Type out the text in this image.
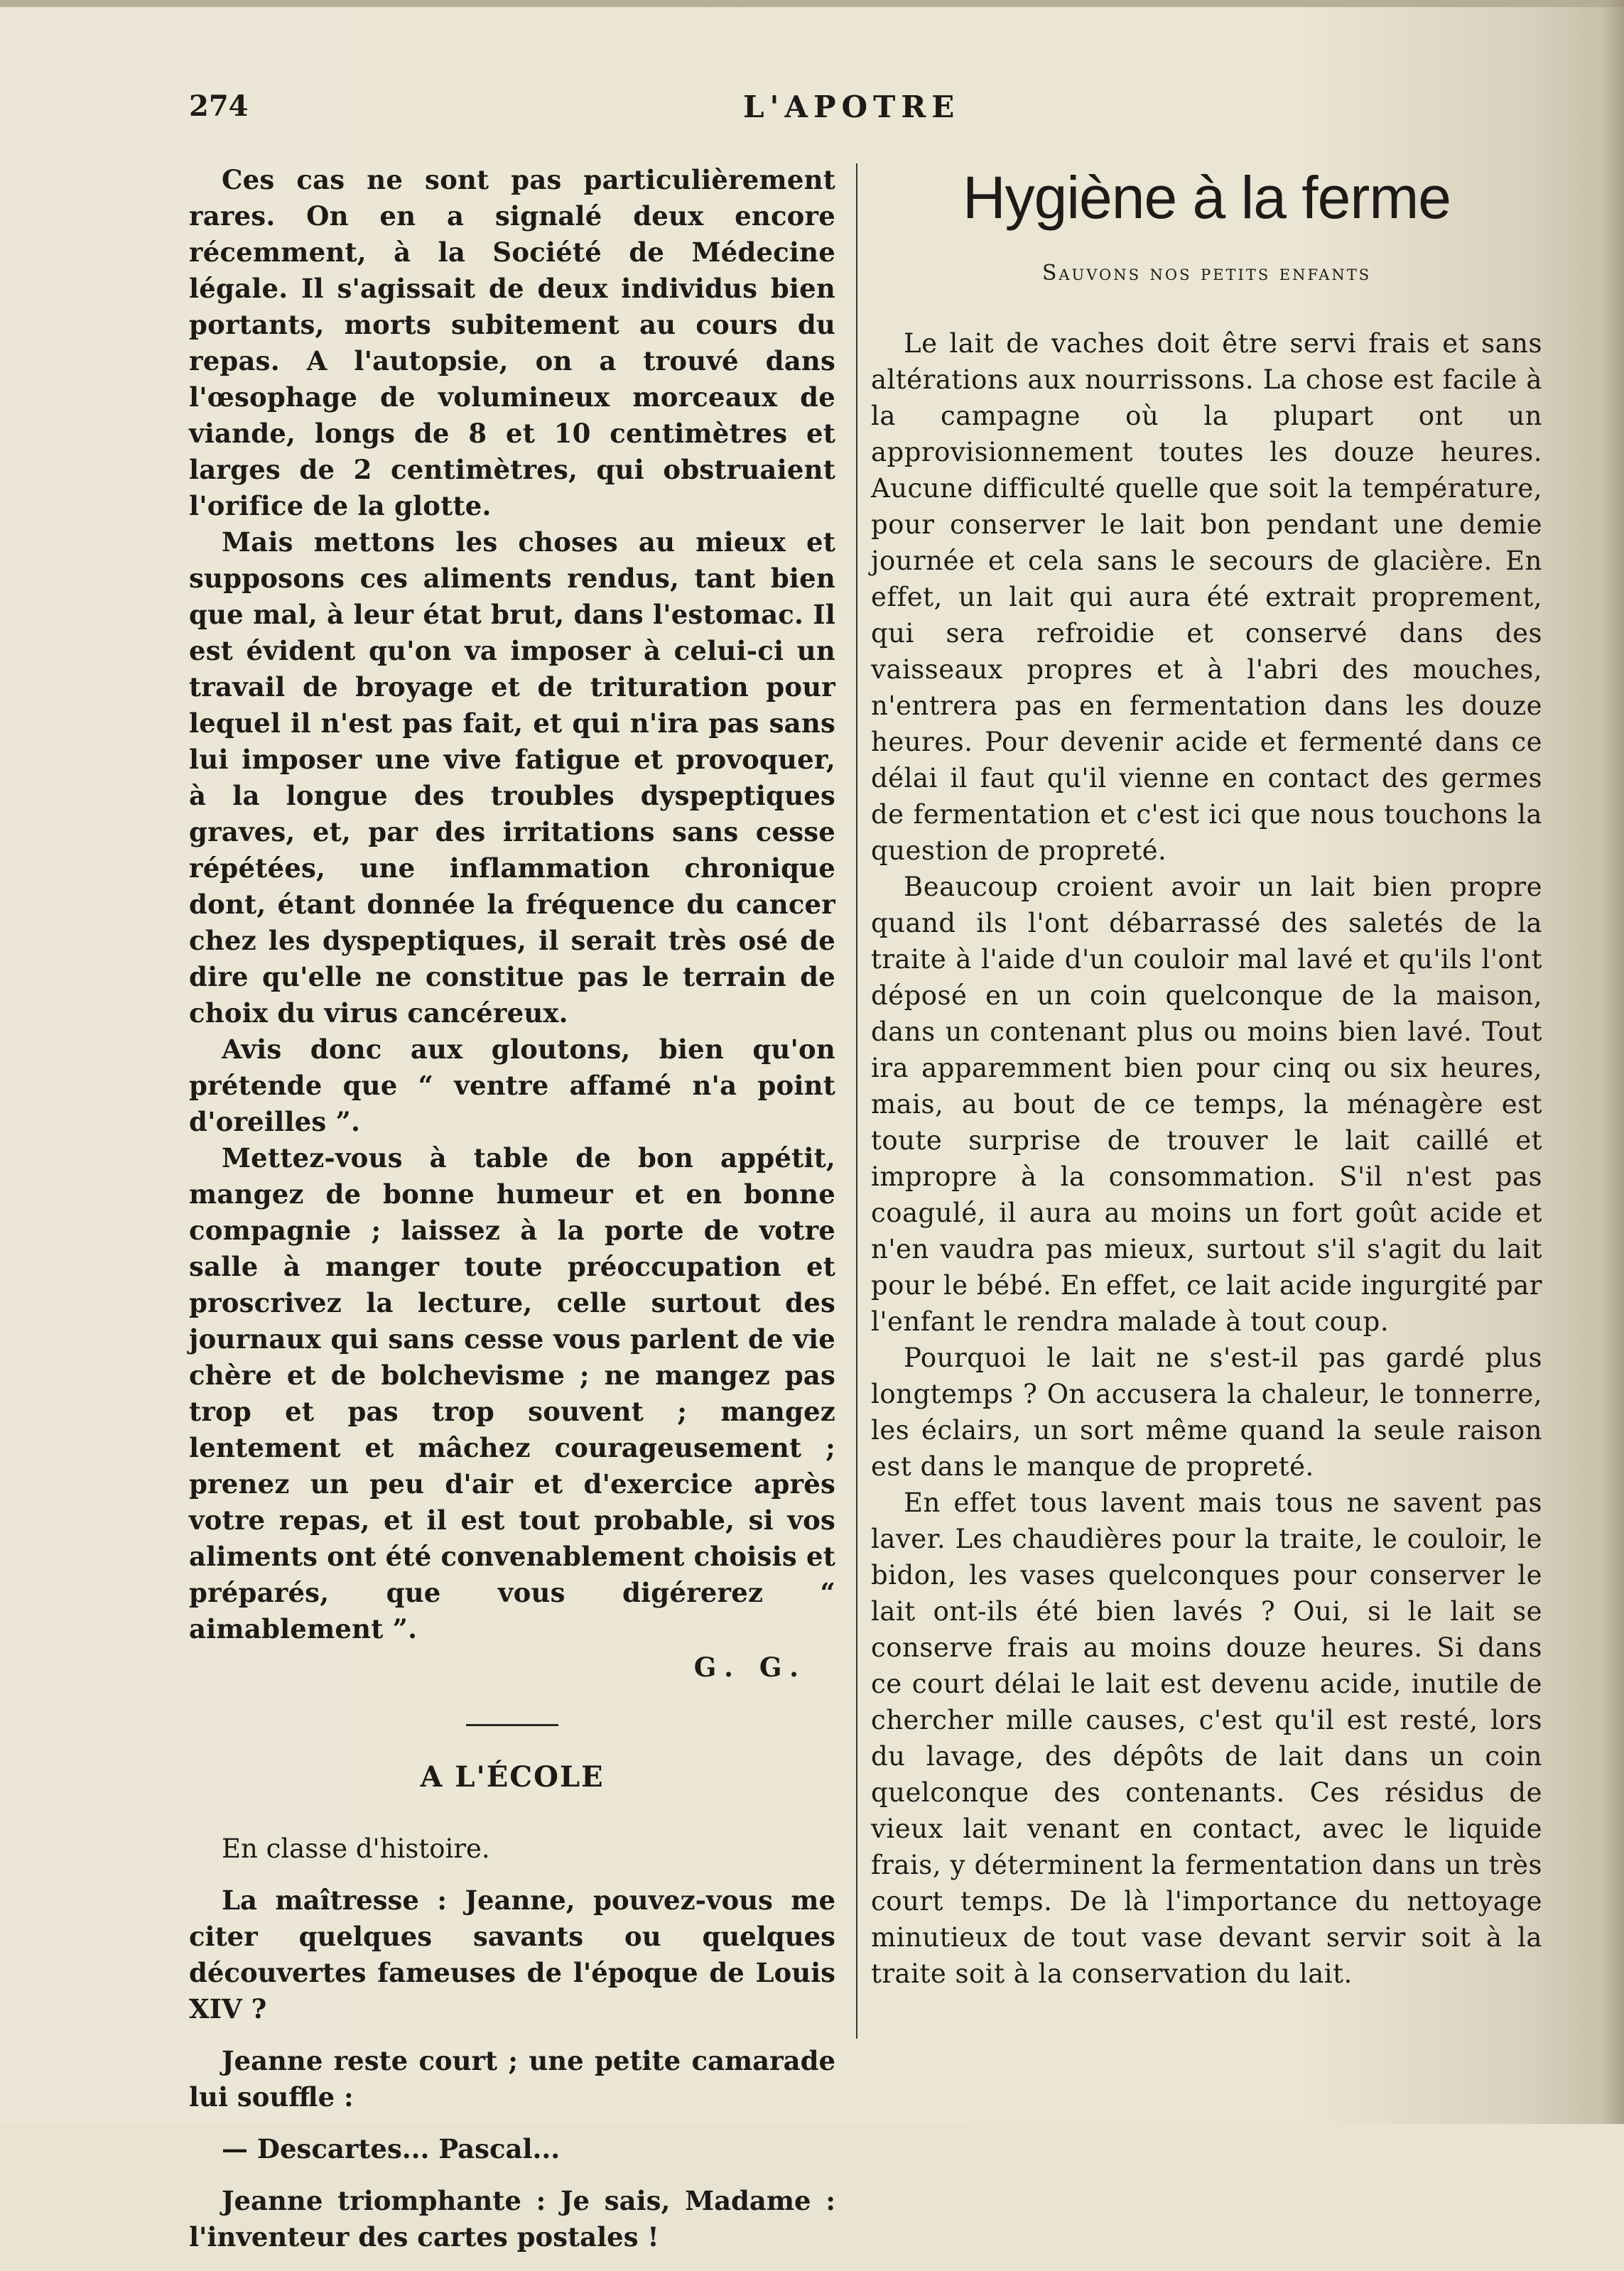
274	L'APOTRE

Ces cas ne sont pas particulièrement rares. On en a signalé deux encore récemment, à la Société de Médecine légale. Il s'agissait de deux individus bien portants, morts subitement au cours du repas. A l'autopsie, on a trouvé dans l'œsophage de volumineux morceaux de viande, longs de 8 et 10 centimètres et larges de 2 centimètres, qui obstruaient l'orifice de la glotte.

Mais mettons les choses au mieux et supposons ces aliments rendus, tant bien que mal, à leur état brut, dans l'estomac. Il est évident qu'on va imposer à celui-ci un travail de broyage et de trituration pour lequel il n'est pas fait, et qui n'ira pas sans lui imposer une vive fatigue et provoquer, à la longue des troubles dyspeptiques graves, et, par des irritations sans cesse répétées, une inflammation chronique dont, étant donnée la fréquence du cancer chez les dyspeptiques, il serait très osé de dire qu'elle ne constitue pas le terrain de choix du virus cancéreux.

Avis donc aux gloutons, bien qu'on prétende que “ ventre affamé n'a point d'oreilles ”.

Mettez-vous à table de bon appétit, mangez de bonne humeur et en bonne compagnie ; laissez à la porte de votre salle à manger toute préoccupation et proscrivez la lecture, celle surtout des journaux qui sans cesse vous parlent de vie chère et de bolchevisme ; ne mangez pas trop et pas trop souvent ; mangez lentement et mâchez courageusement ; prenez un peu d'air et d'exercice après votre repas, et il est tout probable, si vos aliments ont été convenablement choisis et préparés, que vous digérerez “ aimablement ”.

G. G.
A L'ÉCOLE

En classe d'histoire.

La maîtresse : Jeanne, pouvez-vous me citer quelques savants ou quelques découvertes fameuses de l'époque de Louis XIV ?

Jeanne reste court ; une petite camarade lui souffle :

— Descartes... Pascal...

Jeanne triomphante : Je sais, Madame : l'inventeur des cartes postales !

Hygiène à la ferme
Sauvons nos petits enfants

Le lait de vaches doit être servi frais et sans altérations aux nourrissons. La chose est facile à la campagne où la plupart ont un approvisionnement toutes les douze heures. Aucune difficulté quelle que soit la température, pour conserver le lait bon pendant une demie journée et cela sans le secours de glacière. En effet, un lait qui aura été extrait proprement, qui sera refroidie et conservé dans des vaisseaux propres et à l'abri des mouches, n'entrera pas en fermentation dans les douze heures. Pour devenir acide et fermenté dans ce délai il faut qu'il vienne en contact des germes de fermentation et c'est ici que nous touchons la question de propreté.

Beaucoup croient avoir un lait bien propre quand ils l'ont débarrassé des saletés de la traite à l'aide d'un couloir mal lavé et qu'ils l'ont déposé en un coin quelconque de la maison, dans un contenant plus ou moins bien lavé. Tout ira apparemment bien pour cinq ou six heures, mais, au bout de ce temps, la ménagère est toute surprise de trouver le lait caillé et impropre à la consommation. S'il n'est pas coagulé, il aura au moins un fort goût acide et n'en vaudra pas mieux, surtout s'il s'agit du lait pour le bébé. En effet, ce lait acide ingurgité par l'enfant le rendra malade à tout coup.

Pourquoi le lait ne s'est-il pas gardé plus longtemps ? On accusera la chaleur, le tonnerre, les éclairs, un sort même quand la seule raison est dans le manque de propreté.

En effet tous lavent mais tous ne savent pas laver. Les chaudières pour la traite, le couloir, le bidon, les vases quelconques pour conserver le lait ont-ils été bien lavés ? Oui, si le lait se conserve frais au moins douze heures. Si dans ce court délai le lait est devenu acide, inutile de chercher mille causes, c'est qu'il est resté, lors du lavage, des dépôts de lait dans un coin quelconque des contenants. Ces résidus de vieux lait venant en contact, avec le liquide frais, y déterminent la fermentation dans un très court temps. De là l'importance du nettoyage minutieux de tout vase devant servir soit à la traite soit à la conservation du lait.
